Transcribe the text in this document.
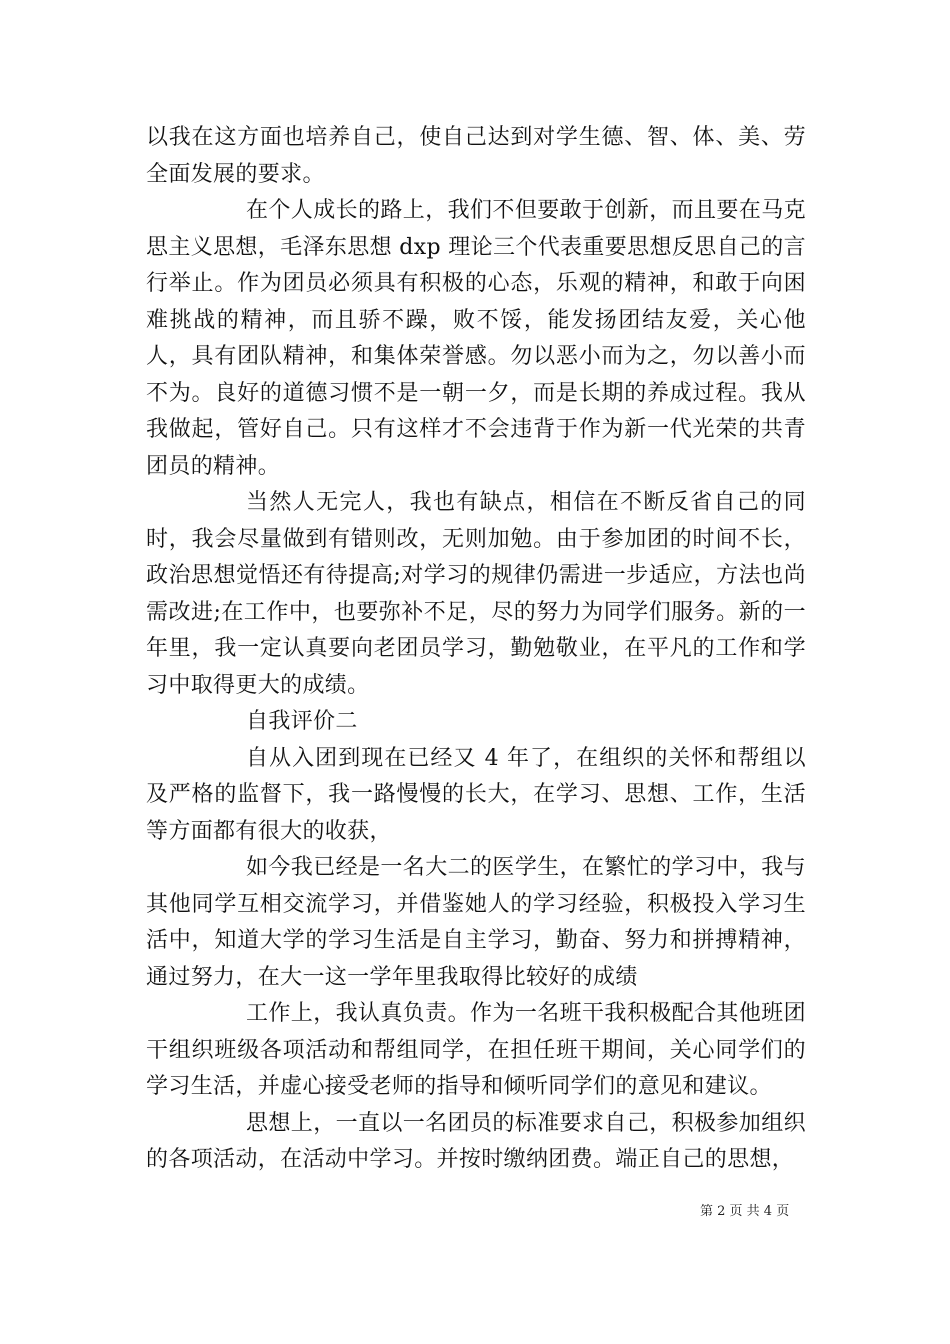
以我在这方面也培养自己，使自己达到对学生德、智、体、美、劳全面发展的要求。

在个人成长的路上，我们不但要敢于创新，而且要在马克思主义思想，毛泽东思想 dxp 理论三个代表重要思想反思自己的言行举止。作为团员必须具有积极的心态，乐观的精神，和敢于向困难挑战的精神，而且骄不躁，败不馁，能发扬团结友爱，关心他人，具有团队精神，和集体荣誉感。勿以恶小而为之，勿以善小而不为。良好的道德习惯不是一朝一夕，而是长期的养成过程。我从我做起，管好自己。只有这样才不会违背于作为新一代光荣的共青团员的精神。

当然人无完人，我也有缺点，相信在不断反省自己的同时，我会尽量做到有错则改，无则加勉。由于参加团的时间不长，政治思想觉悟还有待提高;对学习的规律仍需进一步适应，方法也尚需改进;在工作中，也要弥补不足，尽的努力为同学们服务。新的一年里，我一定认真要向老团员学习，勤勉敬业，在平凡的工作和学习中取得更大的成绩。

自我评价二

自从入团到现在已经又 4 年了，在组织的关怀和帮组以及严格的监督下，我一路慢慢的长大，在学习、思想、工作，生活等方面都有很大的收获，

如今我已经是一名大二的医学生，在繁忙的学习中，我与其他同学互相交流学习，并借鉴她人的学习经验，积极投入学习生活中，知道大学的学习生活是自主学习，勤奋、努力和拼搏精神，通过努力，在大一这一学年里我取得比较好的成绩

工作上，我认真负责。作为一名班干我积极配合其他班团干组织班级各项活动和帮组同学，在担任班干期间，关心同学们的学习生活，并虚心接受老师的指导和倾听同学们的意见和建议。

思想上，一直以一名团员的标准要求自己，积极参加组织的各项活动，在活动中学习。并按时缴纳团费。端正自己的思想，

第 2 页 共 4 页
